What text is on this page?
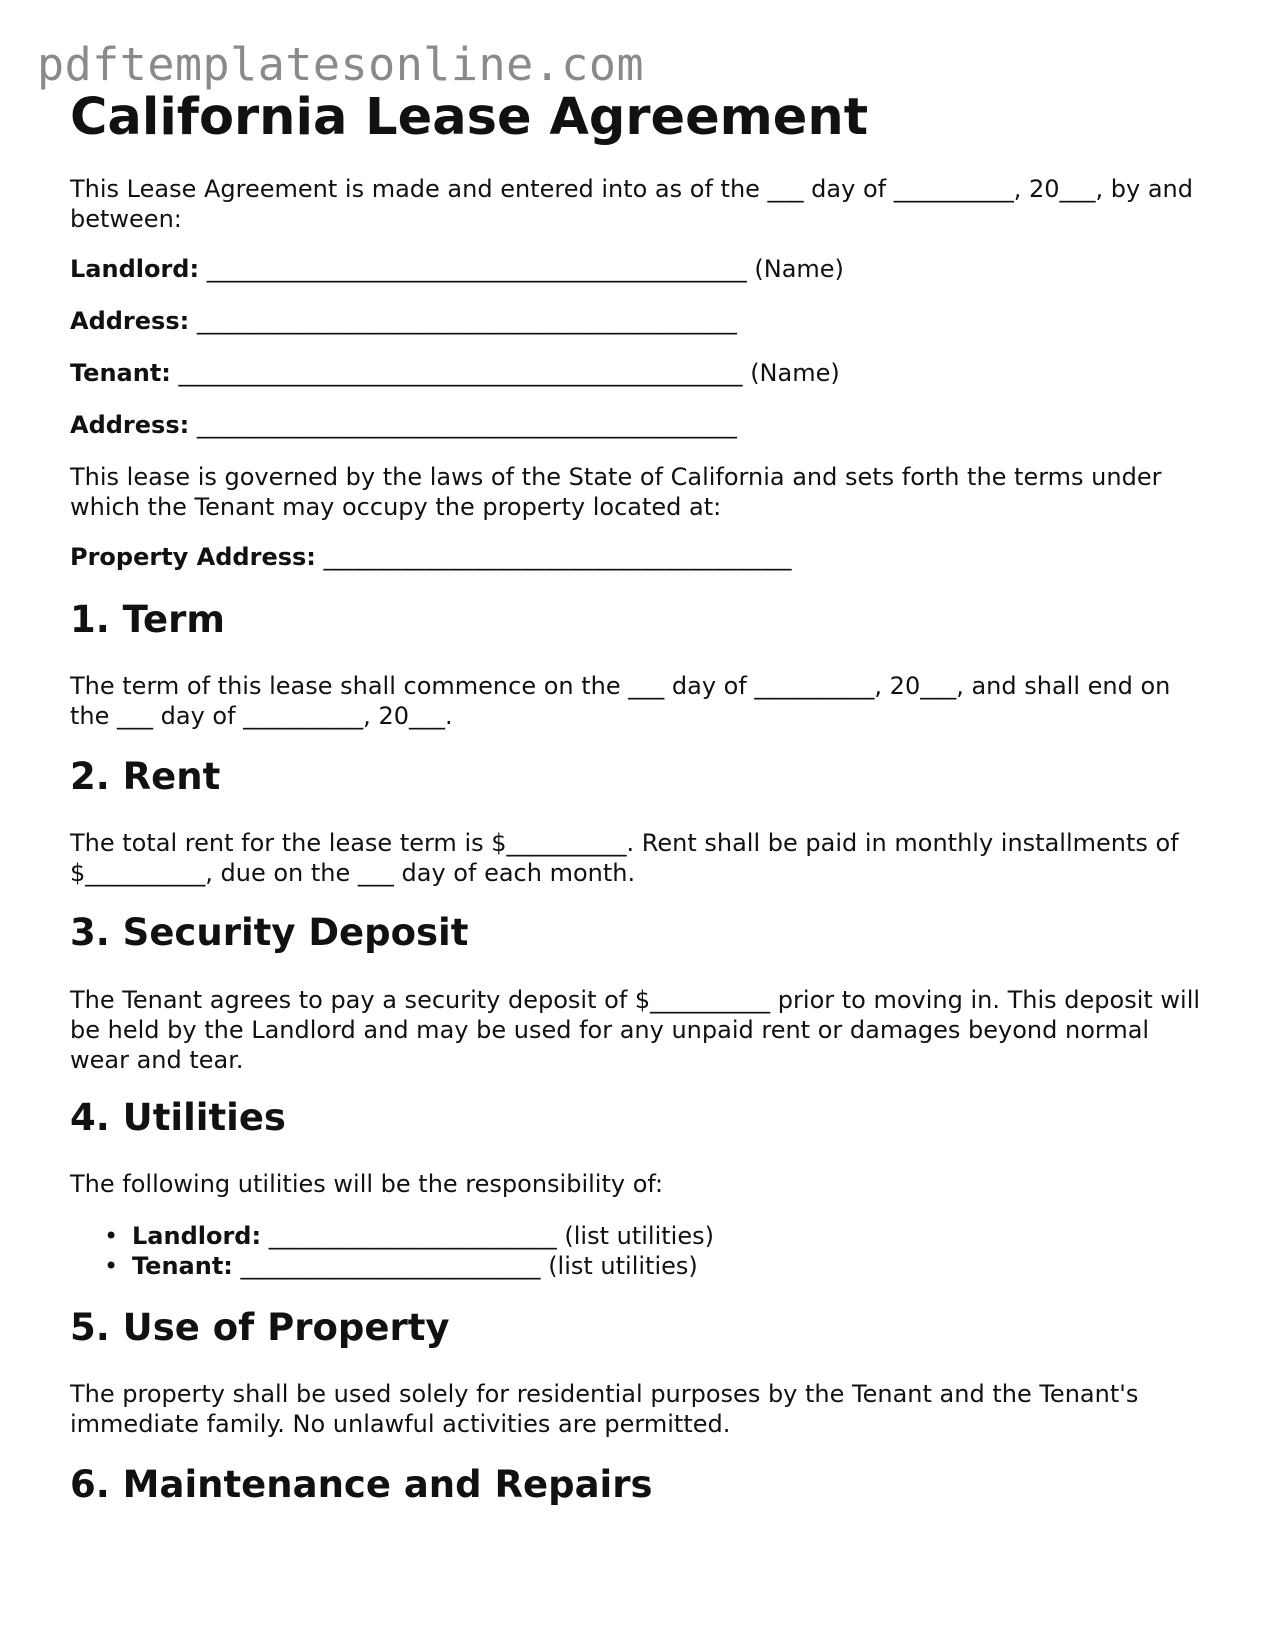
pdftemplatesonline.com
California Lease Agreement

This Lease Agreement is made and entered into as of the ___ day of __________, 20___, by and between:

Landlord: _____________________________________________ (Name)

Address: _____________________________________________

Tenant: _______________________________________________ (Name)

Address: _____________________________________________

This lease is governed by the laws of the State of California and sets forth the terms under which the Tenant may occupy the property located at:

Property Address: _______________________________________

1. Term

The term of this lease shall commence on the ___ day of __________, 20___, and shall end on the ___ day of __________, 20___.

2. Rent

The total rent for the lease term is $__________. Rent shall be paid in monthly installments of $__________, due on the ___ day of each month.

3. Security Deposit

The Tenant agrees to pay a security deposit of $__________ prior to moving in. This deposit will be held by the Landlord and may be used for any unpaid rent or damages beyond normal wear and tear.

4. Utilities

The following utilities will be the responsibility of:

• Landlord: ________________________ (list utilities)
• Tenant: _________________________ (list utilities)
5. Use of Property

The property shall be used solely for residential purposes by the Tenant and the Tenant's immediate family. No unlawful activities are permitted.

6. Maintenance and Repairs
